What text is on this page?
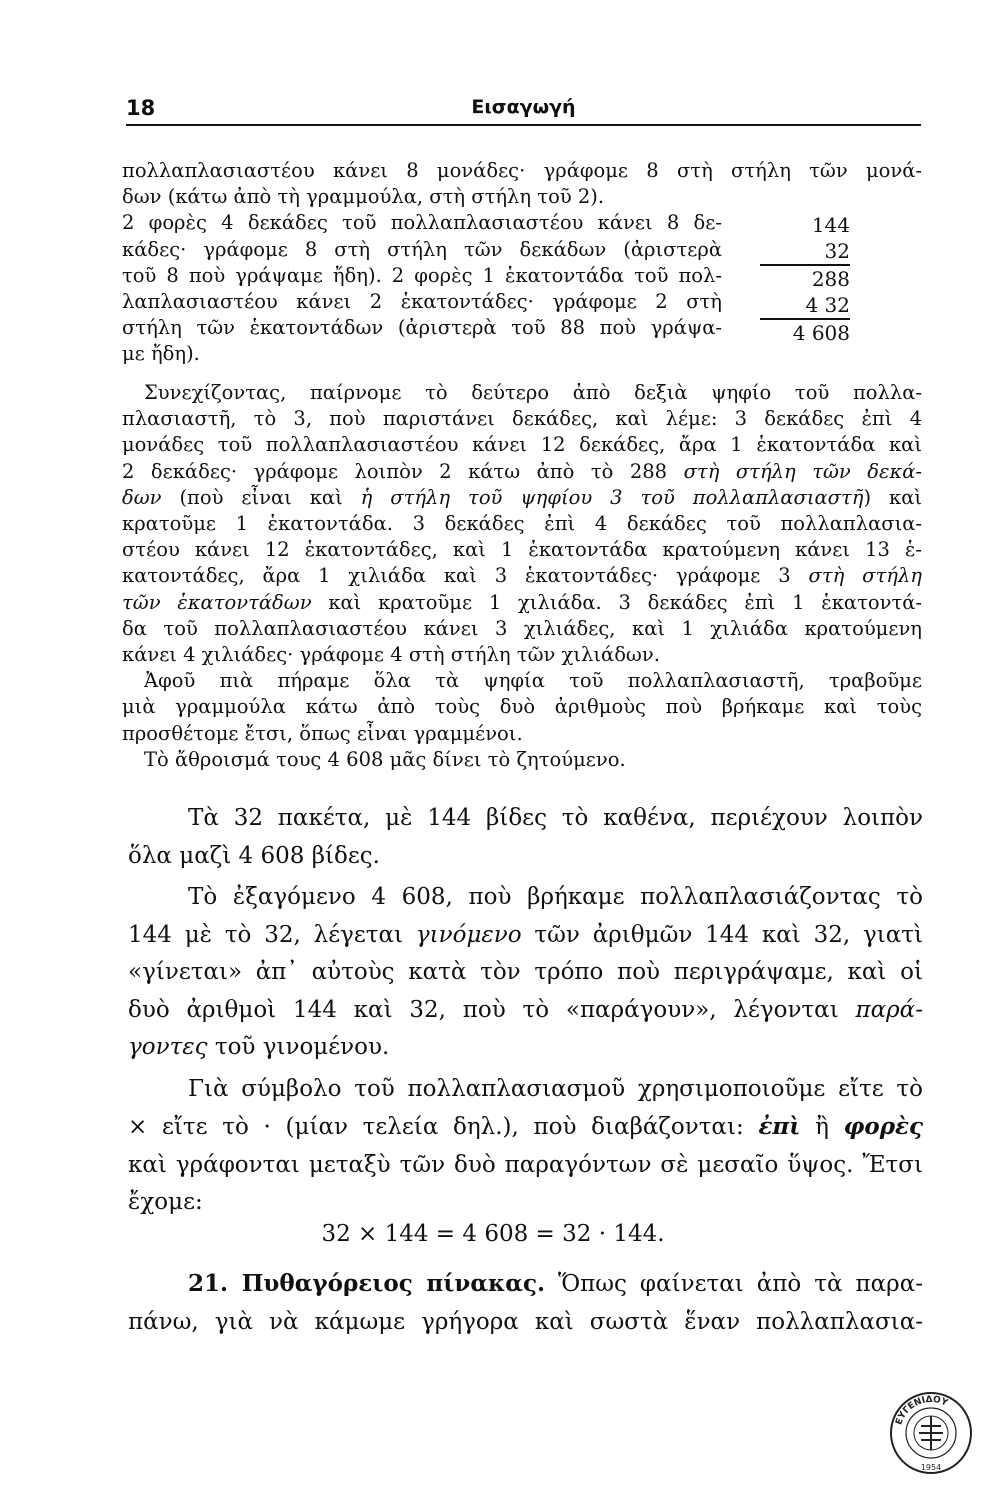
18	Εισαγωγή
πολλαπλασιαστέου κάνει 8 μονάδες· γράφομε 8 στὴ στήλη τῶν μονά-
δων (κάτω ἀπὸ τὴ γραμμούλα, στὴ στήλη τοῦ 2).
2 φορὲς 4 δεκάδες τοῦ πολλαπλασιαστέου κάνει 8 δε-
κάδες· γράφομε 8 στὴ στήλη τῶν δεκάδων (ἀριστερὰ
τοῦ 8 ποὺ γράψαμε ἤδη). 2 φορὲς 1 ἑκατοντάδα τοῦ πολ-
λαπλασιαστέου κάνει 2 ἑκατοντάδες· γράφομε 2 στὴ
στήλη τῶν ἑκατοντάδων (ἀριστερὰ τοῦ 88 ποὺ γράψα-
με ἤδη).
144
32
288
4 32
4 608
Συνεχίζοντας, παίρνομε τὸ δεύτερο ἀπὸ δεξιὰ ψηφίο τοῦ πολλα-
πλασιαστῆ, τὸ 3, ποὺ παριστάνει δεκάδες, καὶ λέμε: 3 δεκάδες ἐπὶ 4
μονάδες τοῦ πολλαπλασιαστέου κάνει 12 δεκάδες, ἄρα 1 ἑκατοντάδα καὶ
2 δεκάδες· γράφομε λοιπὸν 2 κάτω ἀπὸ τὸ 288 στὴ στήλη τῶν δεκά-
δων (ποὺ εἶναι καὶ ἡ στήλη τοῦ ψηφίου 3 τοῦ πολλαπλασιαστῆ) καὶ
κρατοῦμε 1 ἑκατοντάδα. 3 δεκάδες ἐπὶ 4 δεκάδες τοῦ πολλαπλασια-
στέου κάνει 12 ἑκατοντάδες, καὶ 1 ἑκατοντάδα κρατούμενη κάνει 13 ἑ-
κατοντάδες, ἄρα 1 χιλιάδα καὶ 3 ἑκατοντάδες· γράφομε 3 στὴ στήλη
τῶν ἑκατοντάδων καὶ κρατοῦμε 1 χιλιάδα. 3 δεκάδες ἐπὶ 1 ἑκατοντά-
δα τοῦ πολλαπλασιαστέου κάνει 3 χιλιάδες, καὶ 1 χιλιάδα κρατούμενη
κάνει 4 χιλιάδες· γράφομε 4 στὴ στήλη τῶν χιλιάδων.
Ἀφοῦ πιὰ πήραμε ὅλα τὰ ψηφία τοῦ πολλαπλασιαστῆ, τραβοῦμε
μιὰ γραμμούλα κάτω ἀπὸ τοὺς δυὸ ἀριθμοὺς ποὺ βρήκαμε καὶ τοὺς
προσθέτομε ἔτσι, ὅπως εἶναι γραμμένοι.
Τὸ ἄθροισμά τους 4 608 μᾶς δίνει τὸ ζητούμενο.
Τὰ 32 πακέτα, μὲ 144 βίδες τὸ καθένα, περιέχουν λοιπὸν
ὅλα μαζὶ 4 608 βίδες.
Τὸ ἐξαγόμενο 4 608, ποὺ βρήκαμε πολλαπλασιάζοντας τὸ
144 μὲ τὸ 32, λέγεται γινόμενο τῶν ἀριθμῶν 144 καὶ 32, γιατὶ
«γίνεται» ἀπ᾽ αὐτοὺς κατὰ τὸν τρόπο ποὺ περιγράψαμε, καὶ οἱ
δυὸ ἀριθμοὶ 144 καὶ 32, ποὺ τὸ «παράγουν», λέγονται παρά-
γοντες τοῦ γινομένου.
Γιὰ σύμβολο τοῦ πολλαπλασιασμοῦ χρησιμοποιοῦμε εἴτε τὸ
× εἴτε τὸ · (μίαν τελεία δηλ.), ποὺ διαβάζονται: ἐπὶ ἢ φορὲς
καὶ γράφονται μεταξὺ τῶν δυὸ παραγόντων σὲ μεσαῖο ὕψος. Ἔτσι
ἔχομε:
32 × 144 = 4 608 = 32 · 144.
21. Πυθαγόρειος πίνακας. Ὅπως φαίνεται ἀπὸ τὰ παρα-
πάνω, γιὰ νὰ κάμωμε γρήγορα καὶ σωστὰ ἕναν πολλαπλασια-
ΕΥΓΕΝΙΔΟΥ
1954
